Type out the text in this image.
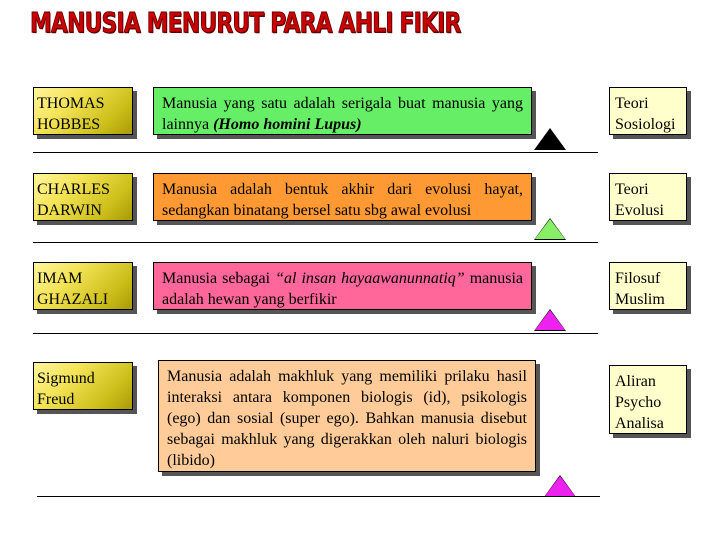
MANUSIA MENURUT PARA AHLI FIKIR
THOMAS
HOBBES
Manusia yang satu adalah serigala buat manusia yang lainnya (Homo homini Lupus)
Teori
Sosiologi
CHARLES
DARWIN
Manusia adalah bentuk akhir dari evolusi hayat, sedangkan binatang bersel satu sbg awal evolusi
Teori
Evolusi
IMAM
GHAZALI
Manusia sebagai “al insan hayaawanunnatiq” manusia adalah hewan yang berfikir
Filosuf
Muslim
Sigmund
Freud
Manusia adalah makhluk yang memiliki prilaku hasil interaksi antara komponen biologis (id), psikologis (ego) dan sosial (super ego). Bahkan manusia disebut sebagai makhluk yang digerakkan oleh naluri biologis (libido)
Aliran
Psycho
Analisa
